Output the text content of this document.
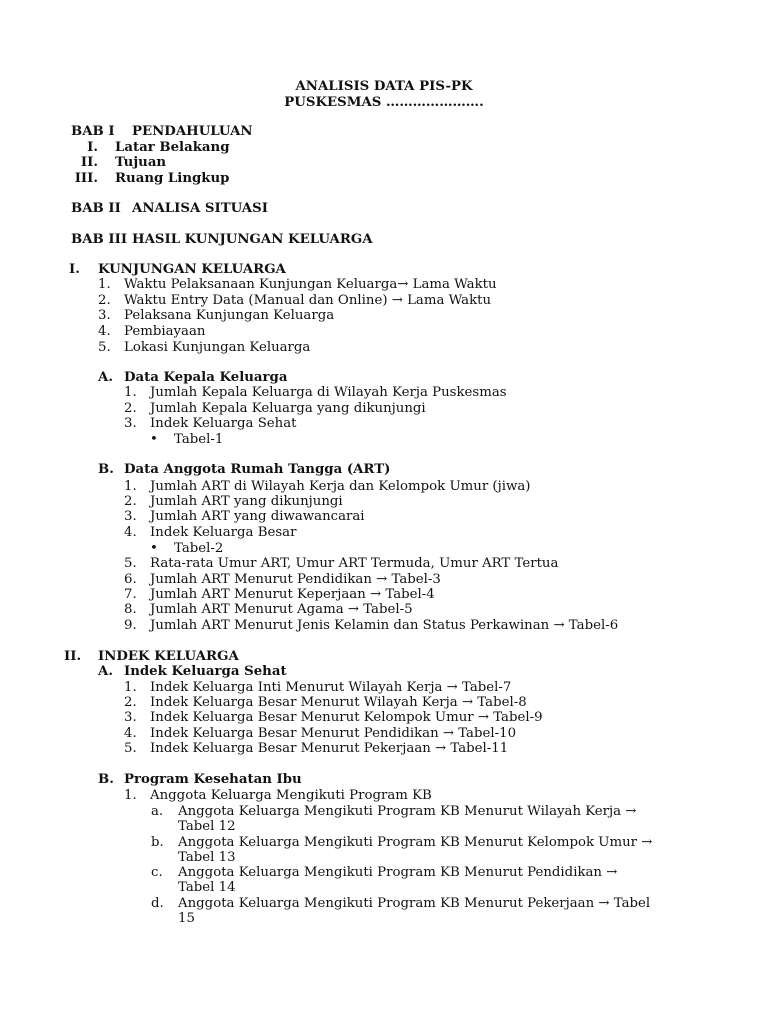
ANALISIS DATA PIS-PK
PUSKESMAS ………………….
BAB I PENDAHULUAN
I. Latar Belakang
II. Tujuan
III. Ruang Lingkup
BAB II ANALISA SITUASI
BAB III HASIL KUNJUNGAN KELUARGA
I. KUNJUNGAN KELUARGA
1. Waktu Pelaksanaan Kunjungan Keluarga→ Lama Waktu
2. Waktu Entry Data (Manual dan Online) → Lama Waktu
3. Pelaksana Kunjungan Keluarga
4. Pembiayaan
5. Lokasi Kunjungan Keluarga
A. Data Kepala Keluarga
1. Jumlah Kepala Keluarga di Wilayah Kerja Puskesmas
2. Jumlah Kepala Keluarga yang dikunjungi
3. Indek Keluarga Sehat
• Tabel-1
B. Data Anggota Rumah Tangga (ART)
1. Jumlah ART di Wilayah Kerja dan Kelompok Umur (jiwa)
2. Jumlah ART yang dikunjungi
3. Jumlah ART yang diwawancarai
4. Indek Keluarga Besar
• Tabel-2
5. Rata-rata Umur ART, Umur ART Termuda, Umur ART Tertua
6. Jumlah ART Menurut Pendidikan → Tabel-3
7. Jumlah ART Menurut Keperjaan → Tabel-4
8. Jumlah ART Menurut Agama → Tabel-5
9. Jumlah ART Menurut Jenis Kelamin dan Status Perkawinan → Tabel-6
II. INDEK KELUARGA
A. Indek Keluarga Sehat
1. Indek Keluarga Inti Menurut Wilayah Kerja → Tabel-7
2. Indek Keluarga Besar Menurut Wilayah Kerja → Tabel-8
3. Indek Keluarga Besar Menurut Kelompok Umur → Tabel-9
4. Indek Keluarga Besar Menurut Pendidikan → Tabel-10
5. Indek Keluarga Besar Menurut Pekerjaan → Tabel-11
B. Program Kesehatan Ibu
1. Anggota Keluarga Mengikuti Program KB
a. Anggota Keluarga Mengikuti Program KB Menurut Wilayah Kerja →
Tabel 12
b. Anggota Keluarga Mengikuti Program KB Menurut Kelompok Umur →
Tabel 13
c. Anggota Keluarga Mengikuti Program KB Menurut Pendidikan →
Tabel 14
d. Anggota Keluarga Mengikuti Program KB Menurut Pekerjaan → Tabel
15
